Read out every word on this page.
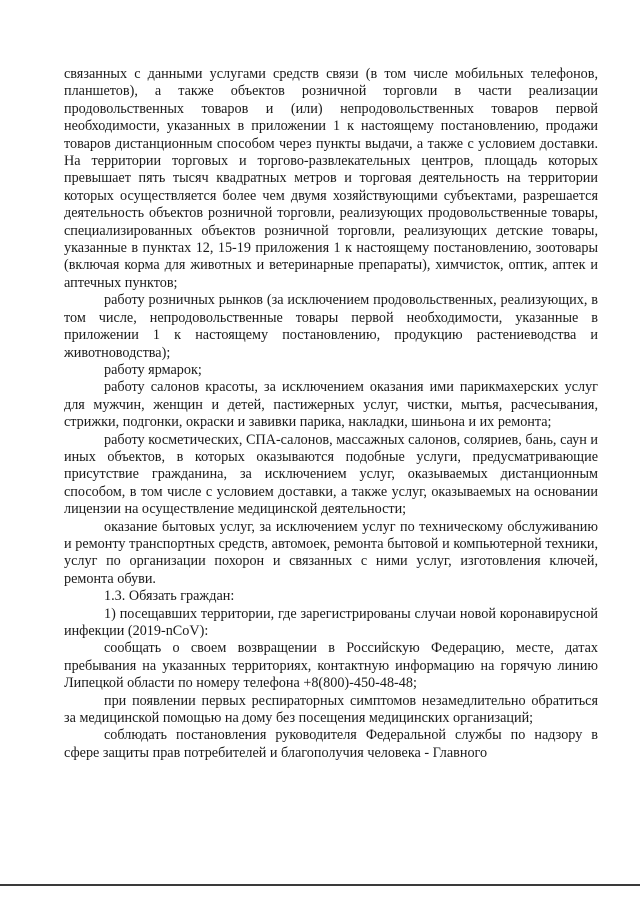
связанных с данными услугами средств связи (в том числе мобильных телефонов, планшетов), а также объектов розничной торговли в части реализации продовольственных товаров и (или) непродовольственных товаров первой необходимости, указанных в приложении 1 к настоящему постановлению, продажи товаров дистанционным способом через пункты выдачи, а также с условием доставки. На территории торговых и торгово-развлекательных центров, площадь которых превышает пять тысяч квадратных метров и торговая деятельность на территории которых осуществляется более чем двумя хозяйствующими субъектами, разрешается деятельность объектов розничной торговли, реализующих продовольственные товары, специализированных объектов розничной торговли, реализующих детские товары, указанные в пунктах 12, 15-19 приложения 1 к настоящему постановлению, зоотовары (включая корма для животных и ветеринарные препараты), химчисток, оптик, аптек и аптечных пунктов;

работу розничных рынков (за исключением продовольственных, реализующих, в том числе, непродовольственные товары первой необходимости, указанные в приложении 1 к настоящему постановлению, продукцию растениеводства и животноводства);

работу ярмарок;

работу салонов красоты, за исключением оказания ими парикмахерских услуг для мужчин, женщин и детей, пастижерных услуг, чистки, мытья, расчесывания, стрижки, подгонки, окраски и завивки парика, накладки, шиньона и их ремонта;

работу косметических, СПА-салонов, массажных салонов, соляриев, бань, саун и иных объектов, в которых оказываются подобные услуги, предусматривающие присутствие гражданина, за исключением услуг, оказываемых дистанционным способом, в том числе с условием доставки, а также услуг, оказываемых на основании лицензии на осуществление медицинской деятельности;

оказание бытовых услуг, за исключением услуг по техническому обслуживанию и ремонту транспортных средств, автомоек, ремонта бытовой и компьютерной техники, услуг по организации похорон и связанных с ними услуг, изготовления ключей, ремонта обуви.

1.3. Обязать граждан:

1) посещавших территории, где зарегистрированы случаи новой коронавирусной инфекции (2019-nCoV):

сообщать о своем возвращении в Российскую Федерацию, месте, датах пребывания на указанных территориях, контактную информацию на горячую линию Липецкой области по номеру телефона +8(800)-450-48-48;

при появлении первых респираторных симптомов незамедлительно обратиться за медицинской помощью на дому без посещения медицинских организаций;

соблюдать постановления руководителя Федеральной службы по надзору в сфере защиты прав потребителей и благополучия человека - Главного
